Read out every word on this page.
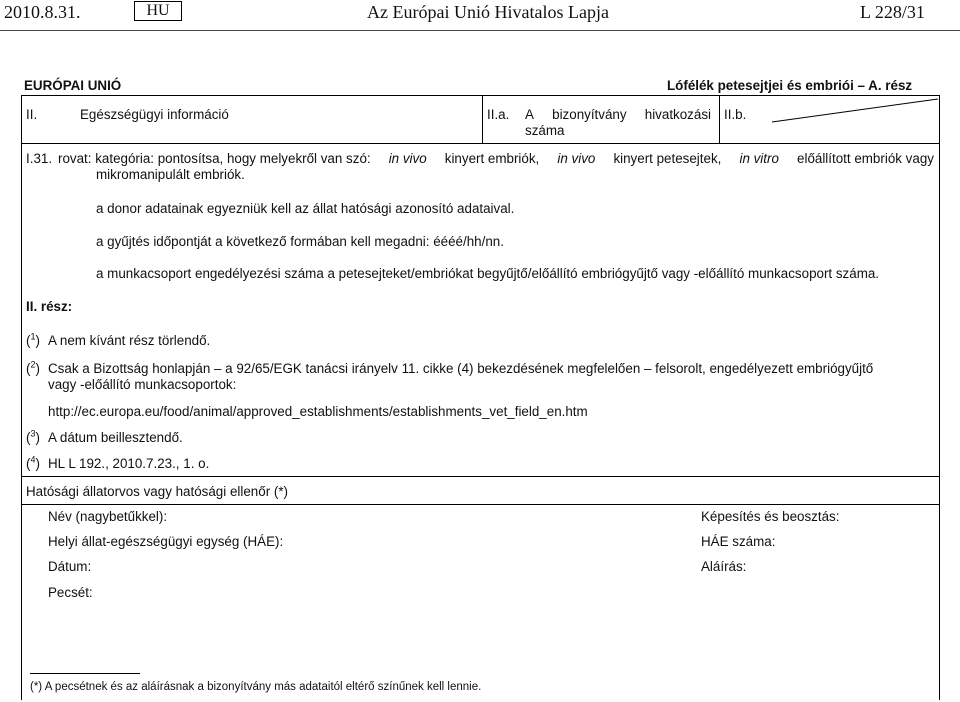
2010.8.31.	HU	Az Európai Unió Hivatalos Lapja	L 228/31
EURÓPAI UNIÓ	Lófélék petesejtjei és embriói – A. rész
II.	Egészségügyi információ	II.a. A bizonyítvány hivatkozási
száma
II.b.
I.31. rovat: kategória: pontosítsa, hogy melyekről van szó: in vivo kinyert embriók, in vivo kinyert petesejtek, in vitro előállított embriók vagy
mikromanipulált embriók.
a donor adatainak egyezniük kell az állat hatósági azonosító adataival.
a gyűjtés időpontját a következő formában kell megadni: éééé/hh/nn.
a munkacsoport engedélyezési száma a petesejteket/embriókat begyűjtő/előállító embriógyűjtő vagy -előállító munkacsoport száma.
II. rész:
($^1$) A nem kívánt rész törlendő.
($^2$) Csak a Bizottság honlapján – a 92/65/EGK tanácsi irányelv 11. cikke (4) bekezdésének megfelelően – felsorolt, engedélyezett embriógyűjtő
vagy -előállító munkacsoportok:
http://ec.europa.eu/food/animal/approved_establishments/establishments_vet_field_en.htm
($^3$) A dátum beillesztendő.
($^4$) HL L 192., 2010.7.23., 1. o.
Hatósági állatorvos vagy hatósági ellenőr (*)
Név (nagybetűkkel):	Képesítés és beosztás:
Helyi állat-egészségügyi egység (HÁE):	HÁE száma:
Dátum:	Aláírás:
Pecsét:
(*) A pecsétnek és az aláírásnak a bizonyítvány más adataitól eltérő színűnek kell lennie.
